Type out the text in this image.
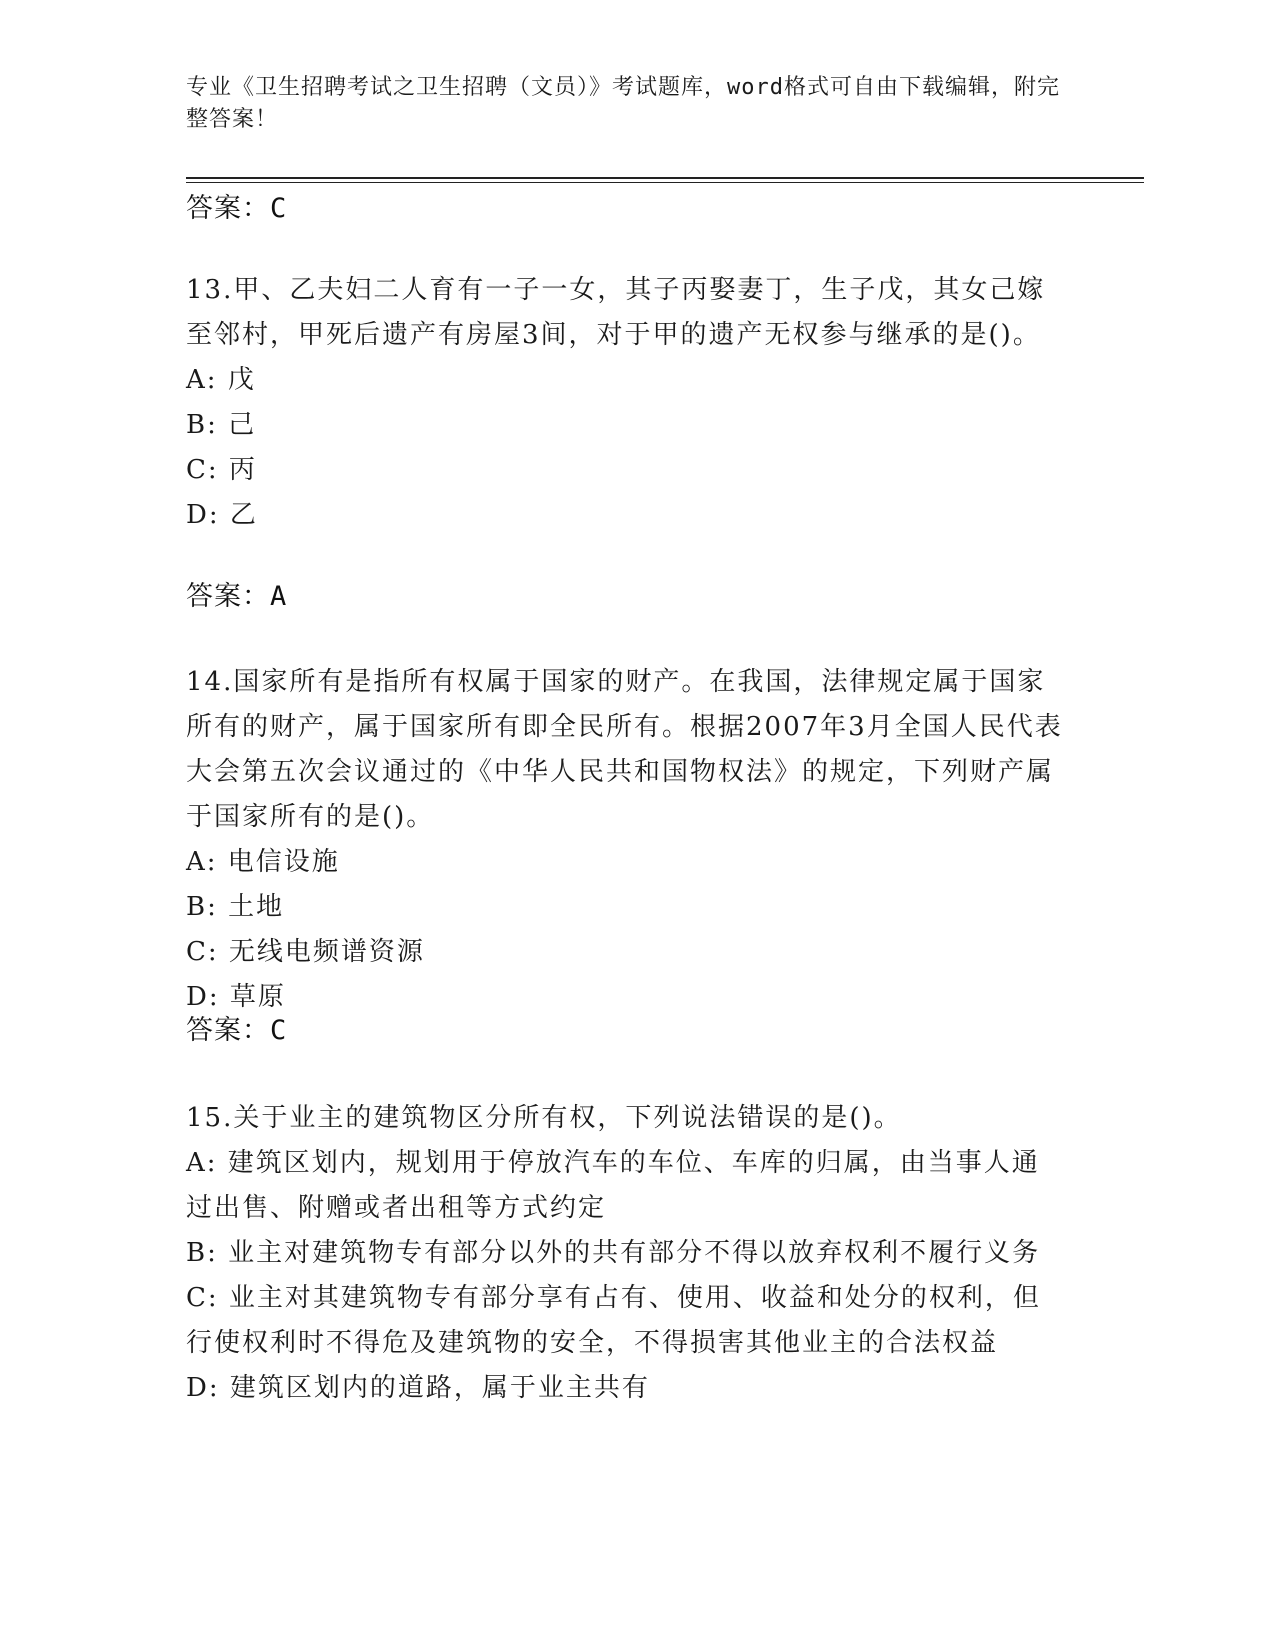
专业《卫生招聘考试之卫生招聘（文员）》考试题库，word格式可自由下载编辑，附完整答案！
答案：C

13.甲、乙夫妇二人育有一子一女，其子丙娶妻丁，生子戊，其女己嫁至邻村，甲死后遗产有房屋3间，对于甲的遗产无权参与继承的是()。

A: 戊

B: 己

C: 丙

D: 乙

14.国家所有是指所有权属于国家的财产。在我国，法律规定属于国家所有的财产，属于国家所有即全民所有。根据2007年3月全国人民代表大会第五次会议通过的《中华人民共和国物权法》的规定，下列财产属于国家所有的是()。

A: 电信设施

B: 土地

C: 无线电频谱资源

D: 草原

15.关于业主的建筑物区分所有权，下列说法错误的是()。

A: 建筑区划内，规划用于停放汽车的车位、车库的归属，由当事人通过出售、附赠或者出租等方式约定

B: 业主对建筑物专有部分以外的共有部分不得以放弃权利不履行义务

C: 业主对其建筑物专有部分享有占有、使用、收益和处分的权利，但行使权利时不得危及建筑物的安全，不得损害其他业主的合法权益

D: 建筑区划内的道路，属于业主共有

答案：A
答案：C
